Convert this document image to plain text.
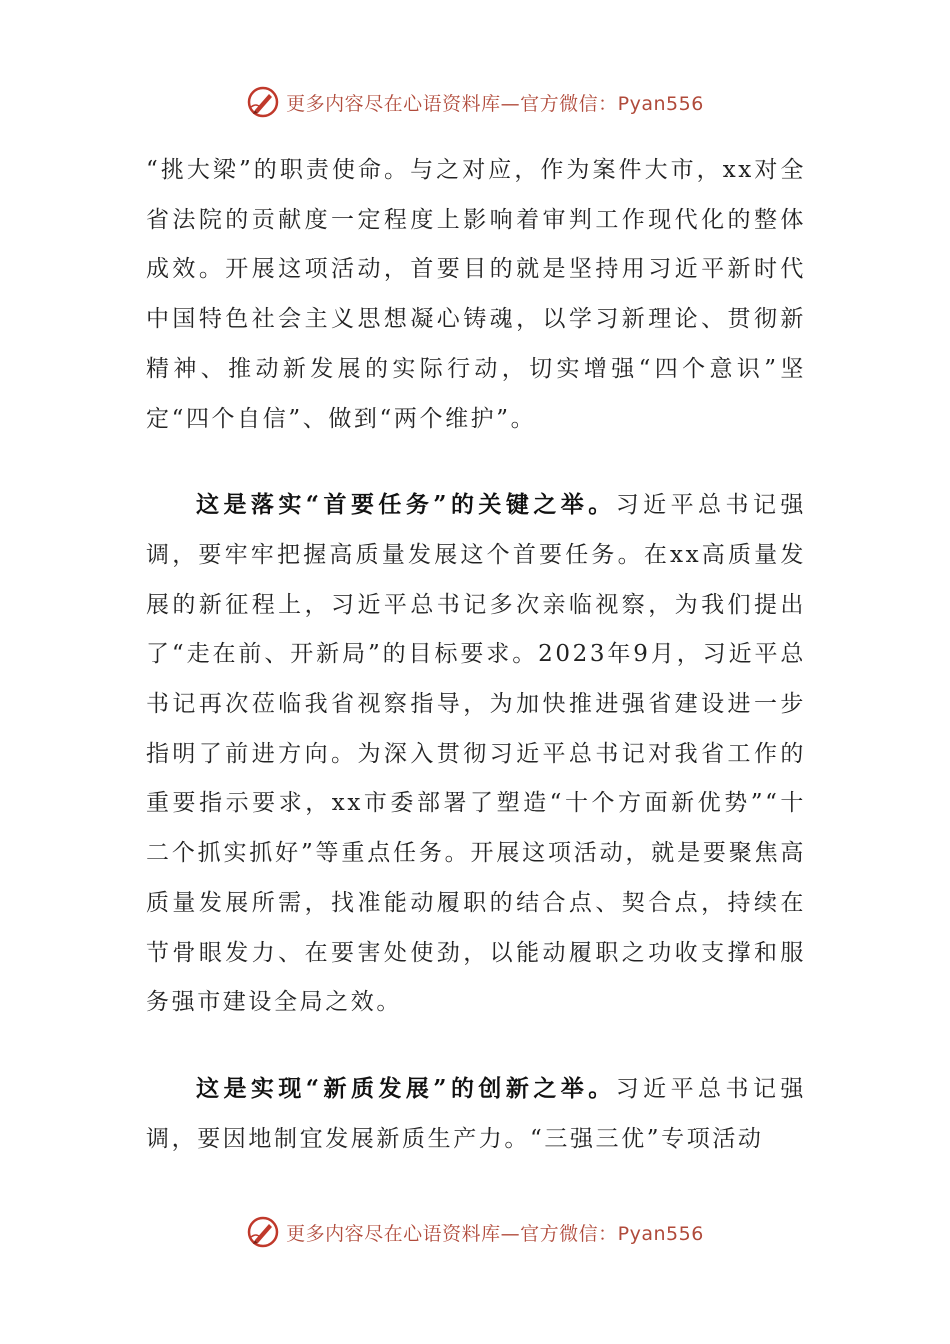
更多内容尽在心语资料库—官方微信：Pyan556

“挑大梁”的职责使命。与之对应，作为案件大市，xx对全省法院的贡献度一定程度上影响着审判工作现代化的整体成效。开展这项活动，首要目的就是坚持用习近平新时代中国特色社会主义思想凝心铸魂，以学习新理论、贯彻新精神、推动新发展的实际行动，切实增强“四个意识”坚定“四个自信”、做到“两个维护”。

这是落实“首要任务”的关键之举。习近平总书记强调，要牢牢把握高质量发展这个首要任务。在xx高质量发展的新征程上，习近平总书记多次亲临视察，为我们提出了“走在前、开新局”的目标要求。2023年9月，习近平总书记再次莅临我省视察指导，为加快推进强省建设进一步指明了前进方向。为深入贯彻习近平总书记对我省工作的重要指示要求，xx市委部署了塑造“十个方面新优势”“十二个抓实抓好”等重点任务。开展这项活动，就是要聚焦高质量发展所需，找准能动履职的结合点、契合点，持续在节骨眼发力、在要害处使劲，以能动履职之功收支撑和服务强市建设全局之效。

这是实现“新质发展”的创新之举。习近平总书记强调，要因地制宜发展新质生产力。“三强三优”专项活动

更多内容尽在心语资料库—官方微信：Pyan556
